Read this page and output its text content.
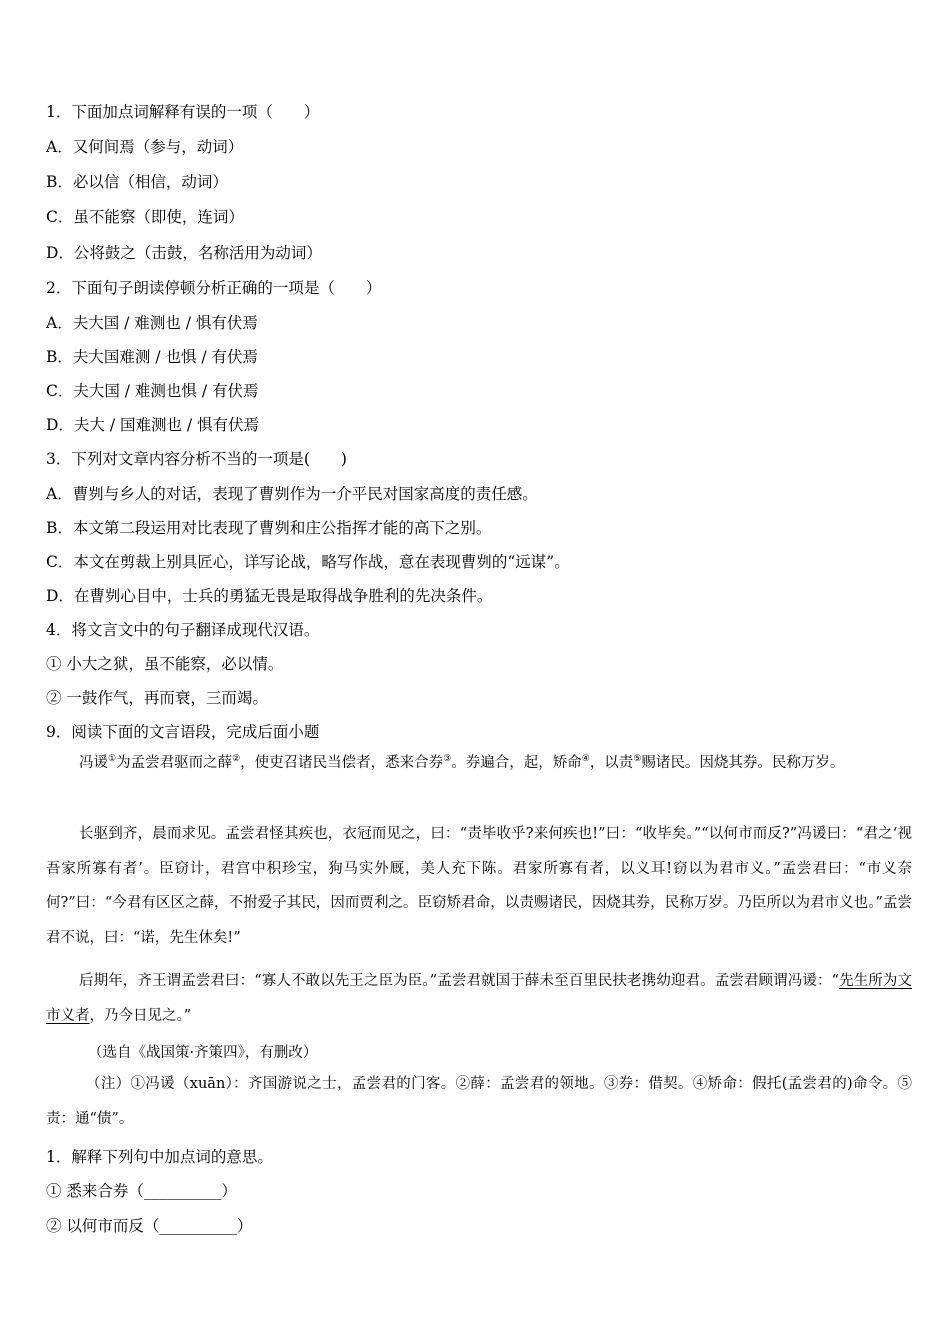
1．下面加点词解释有误的一项（　　）
A．又何间焉（参与，动词）
B．必以信（相信，动词）
C．虽不能察（即使，连词）
D．公将鼓之（击鼓，名称活用为动词）
2．下面句子朗读停顿分析正确的一项是（　　）
A．夫大国 / 难测也 / 惧有伏焉
B．夫大国难测 / 也惧 / 有伏焉
C．夫大国 / 难测也惧 / 有伏焉
D．夫大 / 国难测也 / 惧有伏焉
3．下列对文章内容分析不当的一项是(　　)
A．曹刿与乡人的对话，表现了曹刿作为一介平民对国家高度的责任感。
B．本文第二段运用对比表现了曹刿和庄公指挥才能的高下之别。
C．本文在剪裁上别具匠心，详写论战，略写作战，意在表现曹刿的“远谋”。
D．在曹刿心目中，士兵的勇猛无畏是取得战争胜利的先决条件。
4．将文言文中的句子翻译成现代汉语。
① 小大之狱，虽不能察，必以情。
② 一鼓作气，再而衰，三而竭。
9．阅读下面的文言语段，完成后面小题
冯谖①为孟尝君驱而之薛②，使吏召诸民当偿者，悉来合券③。券遍合，起，矫命④，以责⑤赐诸民。因烧其券。民称万岁。
长驱到齐，晨而求见。孟尝君怪其疾也，衣冠而见之，曰：“责毕收乎?来何疾也!”曰：“收毕矣。”“以何市而反?”冯谖曰：“君之‘视吾家所寡有者’。臣窃计，君宫中积珍宝，狗马实外厩，美人充下陈。君家所寡有者，以义耳!窃以为君市义。”孟尝君曰：“市义奈何?”曰：“今君有区区之薛，不拊爱子其民，因而贾利之。臣窃矫君命，以责赐诸民，因烧其券，民称万岁。乃臣所以为君市义也。”孟尝君不说，曰：“诺，先生休矣!”
后期年，齐王谓孟尝君曰：“寡人不敢以先王之臣为臣。”孟尝君就国于薛未至百里民扶老携幼迎君。孟尝君顾谓冯谖：“先生所为文市义者，乃今日见之。”
（选自《战国策·齐策四》，有删改）
（注）①冯谖（xuān）：齐国游说之士，孟尝君的门客。②薛：孟尝君的领地。③券：借契。④矫命：假托(孟尝君的)命令。⑤责：通“债”。
1．解释下列句中加点词的意思。
① 悉来合券（__________）
② 以何市而反（__________）
